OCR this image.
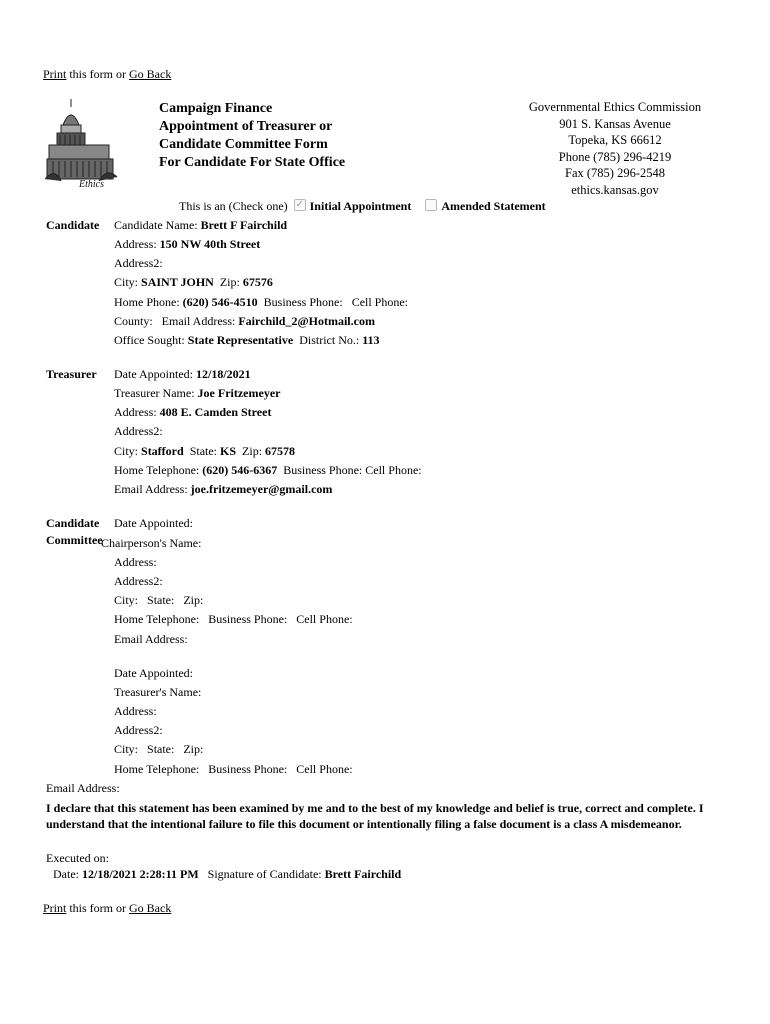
Print this form or Go Back
Ethics
Campaign Finance
Appointment of Treasurer or
Candidate Committee Form
For Candidate For State Office
Governmental Ethics Commission
901 S. Kansas Avenue
Topeka, KS 66612
Phone (785) 296-4219
Fax (785) 296-2548
ethics.kansas.gov
This is an (Check one)✓ Initial Appointment	Amended Statement
Candidate Candidate Name: Brett F Fairchild
Address: 150 NW 40th Street
Address2:
City: SAINT JOHN Zip: 67576
Home Phone: (620) 546-4510 Business Phone: Cell Phone:
County: Email Address: Fairchild_2@Hotmail.com
Office Sought: State Representative District No.: 113
Treasurer Date Appointed: 12/18/2021
Treasurer Name: Joe Fritzemeyer
Address: 408 E. Camden Street
Address2:
City: Stafford State: KS Zip: 67578
Home Telephone: (620) 546-6367 Business Phone: Cell Phone:
Email Address: joe.fritzemeyer@gmail.com
Candidate
Committee
Date Appointed:
Chairperson's Name:
Address:
Address2:
City: State: Zip:
Home Telephone: Business Phone: Cell Phone:
Email Address:
Date Appointed:
Treasurer's Name:
Address:
Address2:
City: State: Zip:
Home Telephone: Business Phone: Cell Phone:
Email Address:
I declare that this statement has been examined by me and to the best of my knowledge and belief is true, correct and complete. I understand that the intentional failure to file this document or intentionally filing a false document is a class A misdemeanor.
Executed on:
Date: 12/18/2021 2:28:11 PM Signature of Candidate: Brett Fairchild
Print this form or Go Back
